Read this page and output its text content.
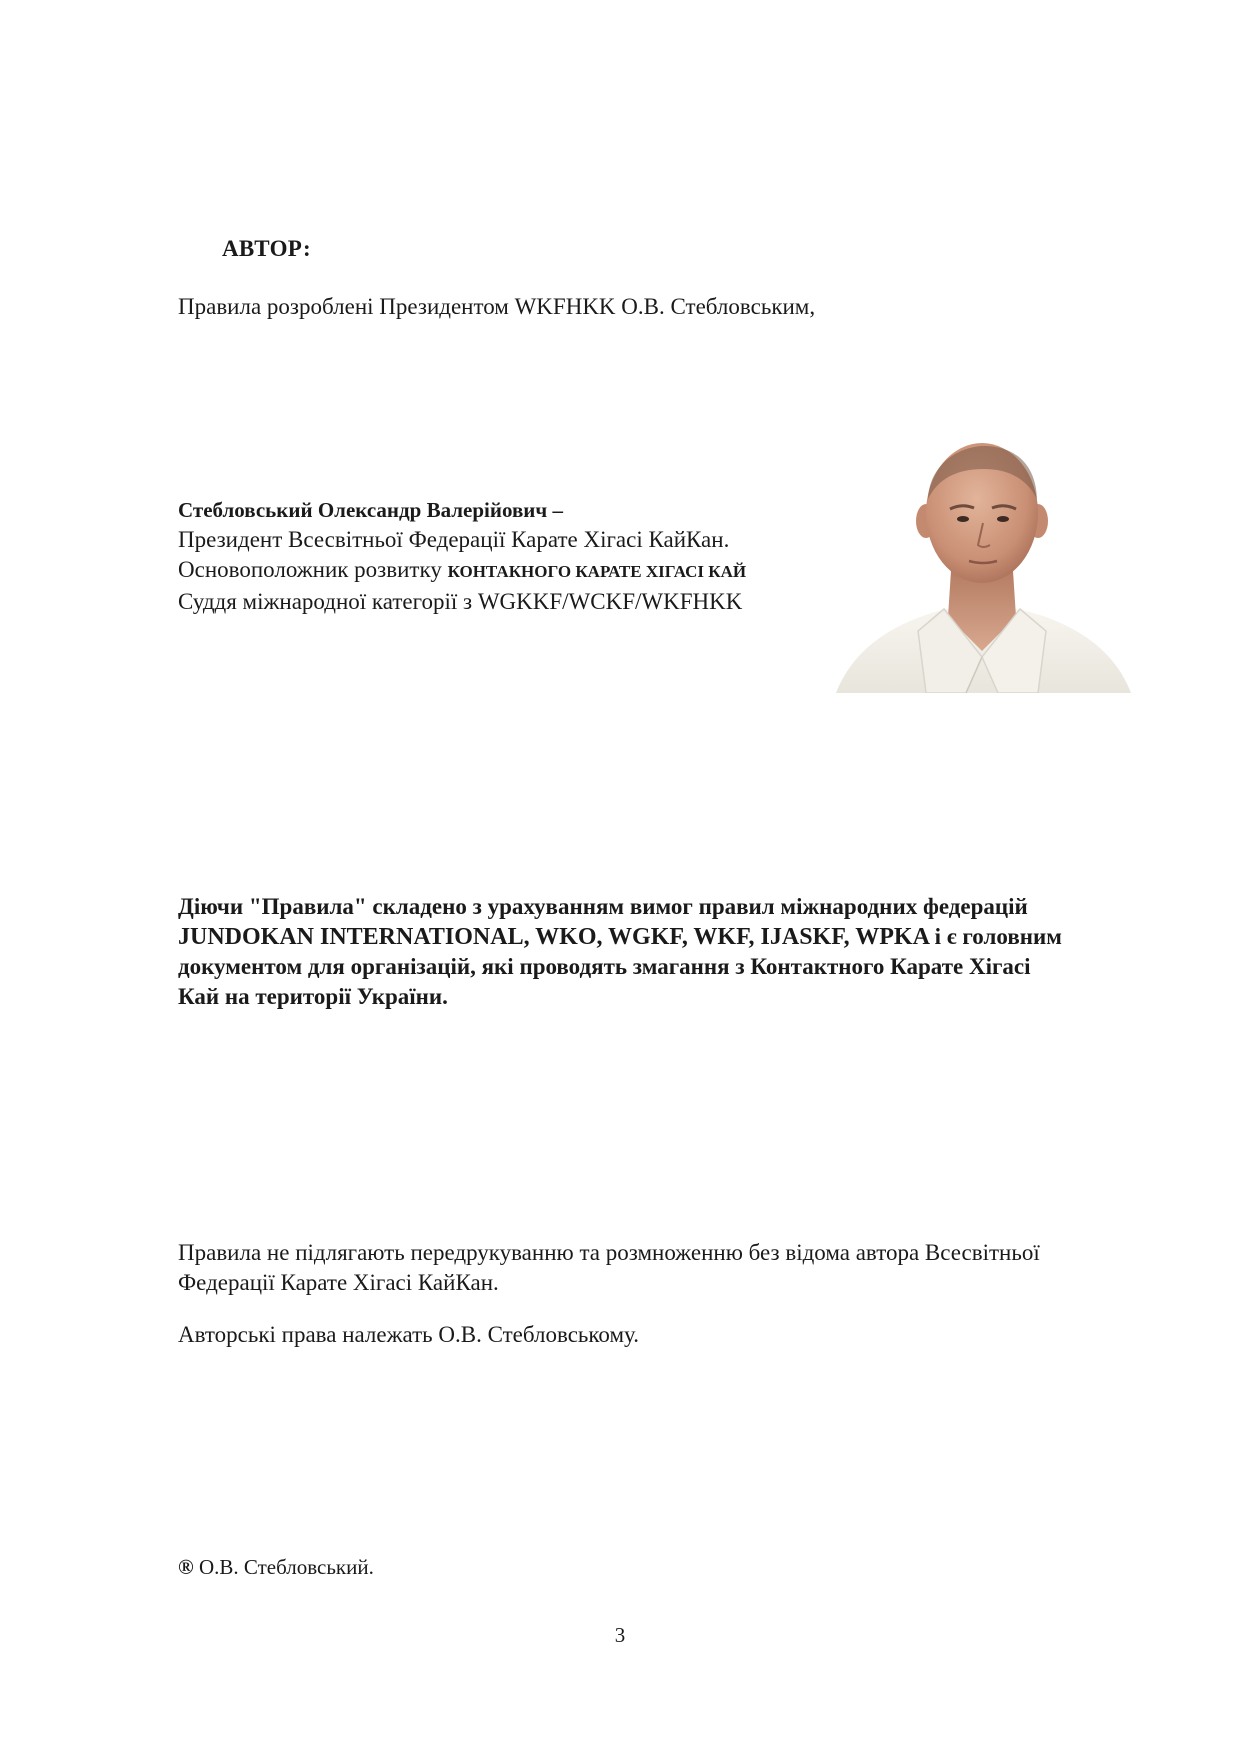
АВТОР:
Правила розроблені Президентом WKFHKK О.В. Стебловським,
Стебловський Олександр Валерійович –
Президент Всесвітньої Федерації Карате Хігасі КайКан.
Основоположник розвитку КОНТАКНОГО КАРАТЕ ХІГАСІ КАЙ
Суддя міжнародної категорії з WGKKF/WCKF/WKFHKK
Діючи "Правила" складено з урахуванням вимог правил міжнародних федерацій
JUNDOKAN INTERNATIONAL, WKO, WGKF, WKF, IJASKF, WPKA і є головним
документом для організацій, які проводять змагання з Контактного Карате Хігасі
Кай на території України.
Правила не підлягають передрукуванню та розмноженню без відома автора Всесвітньої
Федерації Карате Хігасі КайКан.
Авторські права належать О.В. Стебловському.
® О.В. Стебловський.
3
